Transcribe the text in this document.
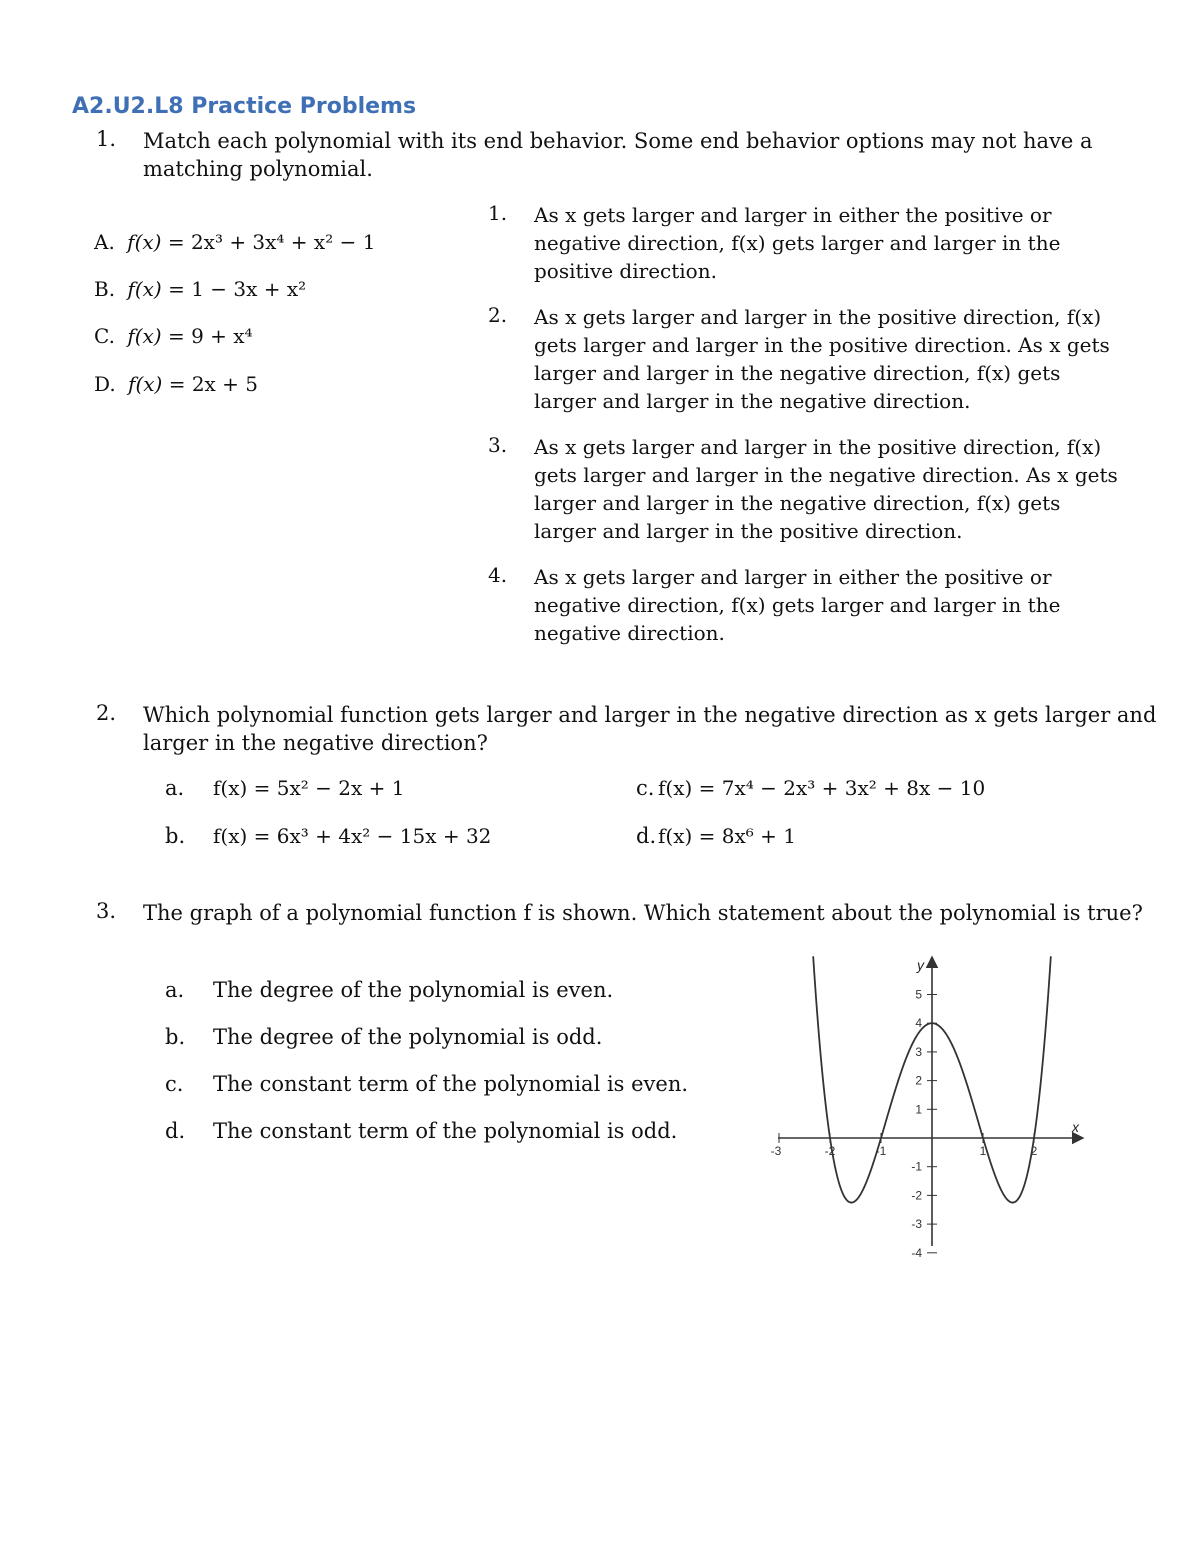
A2.U2.L8 Practice Problems
1.	Match each polynomial with its end behavior. Some end behavior options may not have a
matching polynomial.
A. f(x) = 2x³ + 3x⁴ + x² − 1
B. f(x) = 1 − 3x + x²
C. f(x) = 9 + x⁴
D. f(x) = 2x + 5
1.	As x gets larger and larger in either the positive or
negative direction, f(x) gets larger and larger in the
positive direction.
2.	As x gets larger and larger in the positive direction, f(x)
gets larger and larger in the positive direction. As x gets
larger and larger in the negative direction, f(x) gets
larger and larger in the negative direction.
3.	As x gets larger and larger in the positive direction, f(x)
gets larger and larger in the negative direction. As x gets
larger and larger in the negative direction, f(x) gets
larger and larger in the positive direction.
4.	As x gets larger and larger in either the positive or
negative direction, f(x) gets larger and larger in the
negative direction.
2.	Which polynomial function gets larger and larger in the negative direction as x gets larger and
larger in the negative direction?
a. f(x) = 5x² − 2x + 1
b. f(x) = 6x³ + 4x² − 15x + 32
c. f(x) = 7x⁴ − 2x³ + 3x² + 8x − 10
d. f(x) = 8x⁶ + 1
3.	The graph of a polynomial function f is shown. Which statement about the polynomial is true?
a. The degree of the polynomial is even.
b. The degree of the polynomial is odd.
c. The constant term of the polynomial is even.
d. The constant term of the polynomial is odd.
-3	-2	-1	1	2
5
4
3
2
1
-1
-2
-3
-4
x
y
